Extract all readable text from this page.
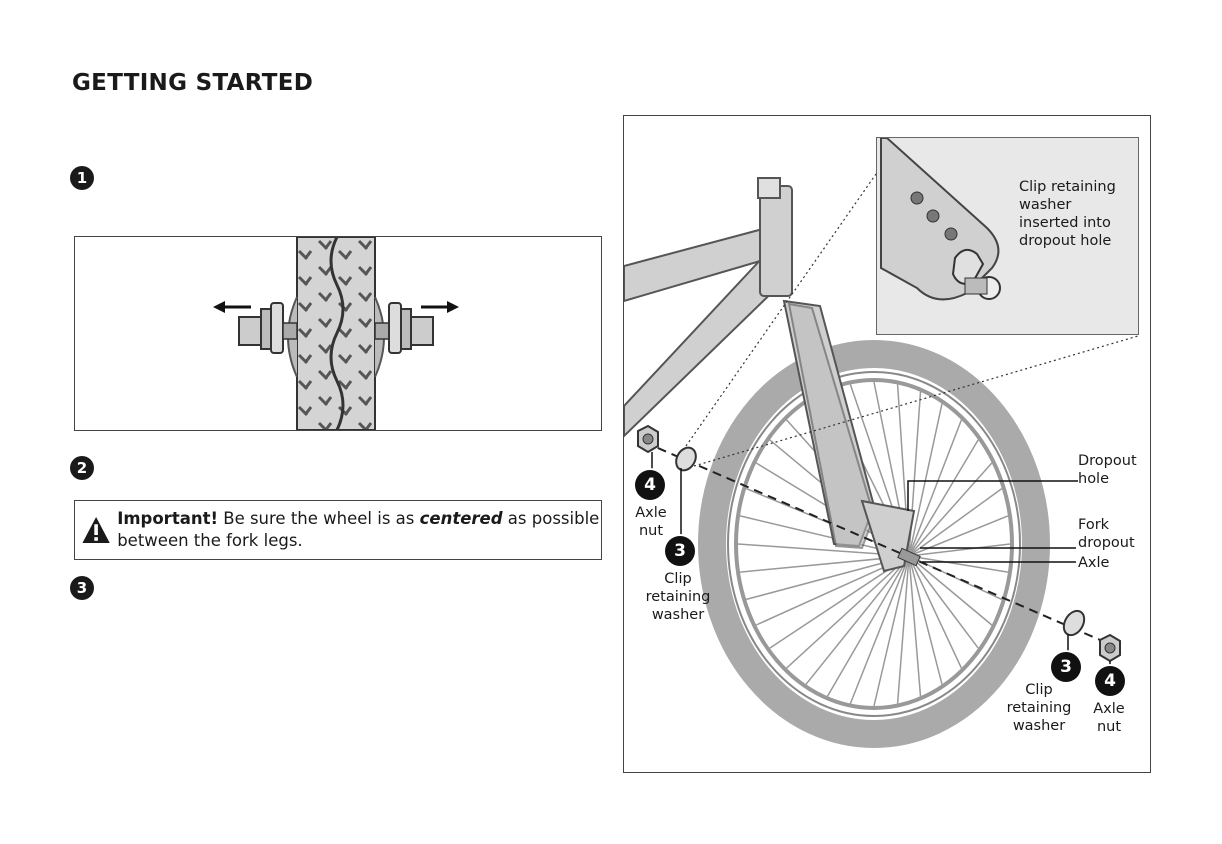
GETTING STARTED
1
2
Important! Be sure the wheel is as centered as possible between the fork legs.
3
Clip retaining washer inserted into dropout hole
Dropout hole
Fork dropout
Axle
4
Axle nut
3
Clip retaining washer
3
Clip retaining washer
4
Axle nut
